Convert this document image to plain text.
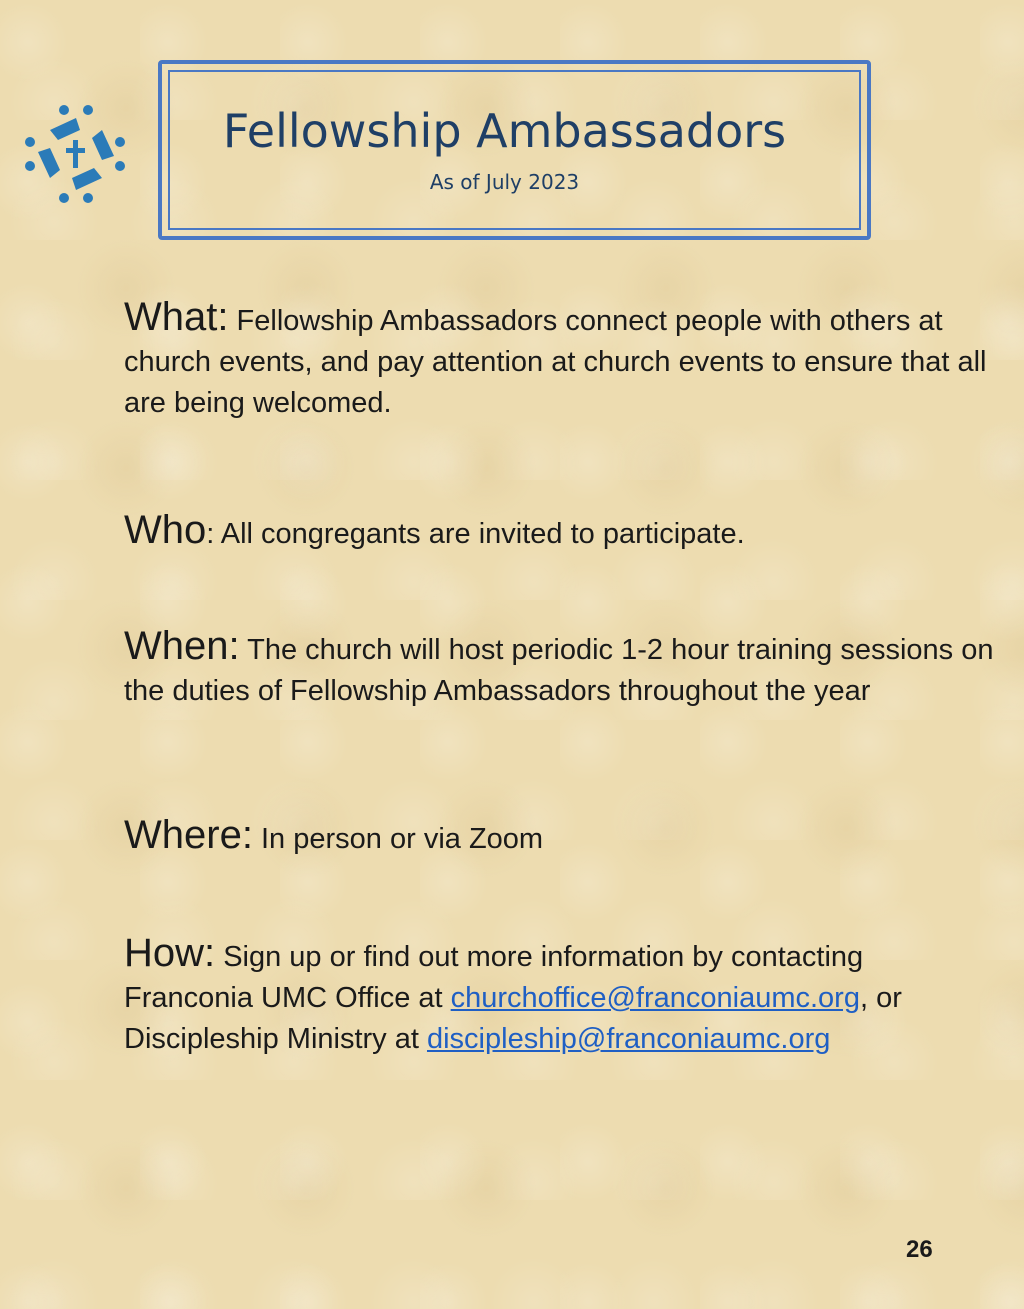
Fellowship Ambassadors
As of July 2023
What: Fellowship Ambassadors connect people with others at church events, and pay attention at church events to ensure that all are being welcomed.
Who: All congregants are invited to participate.
When: The church will host periodic 1-2 hour training sessions on the duties of Fellowship Ambassadors throughout the year
Where: In person or via Zoom
How: Sign up or find out more information by contacting Franconia UMC Office at churchoffice@franconiaumc.org, or Discipleship Ministry at discipleship@franconiaumc.org
26
